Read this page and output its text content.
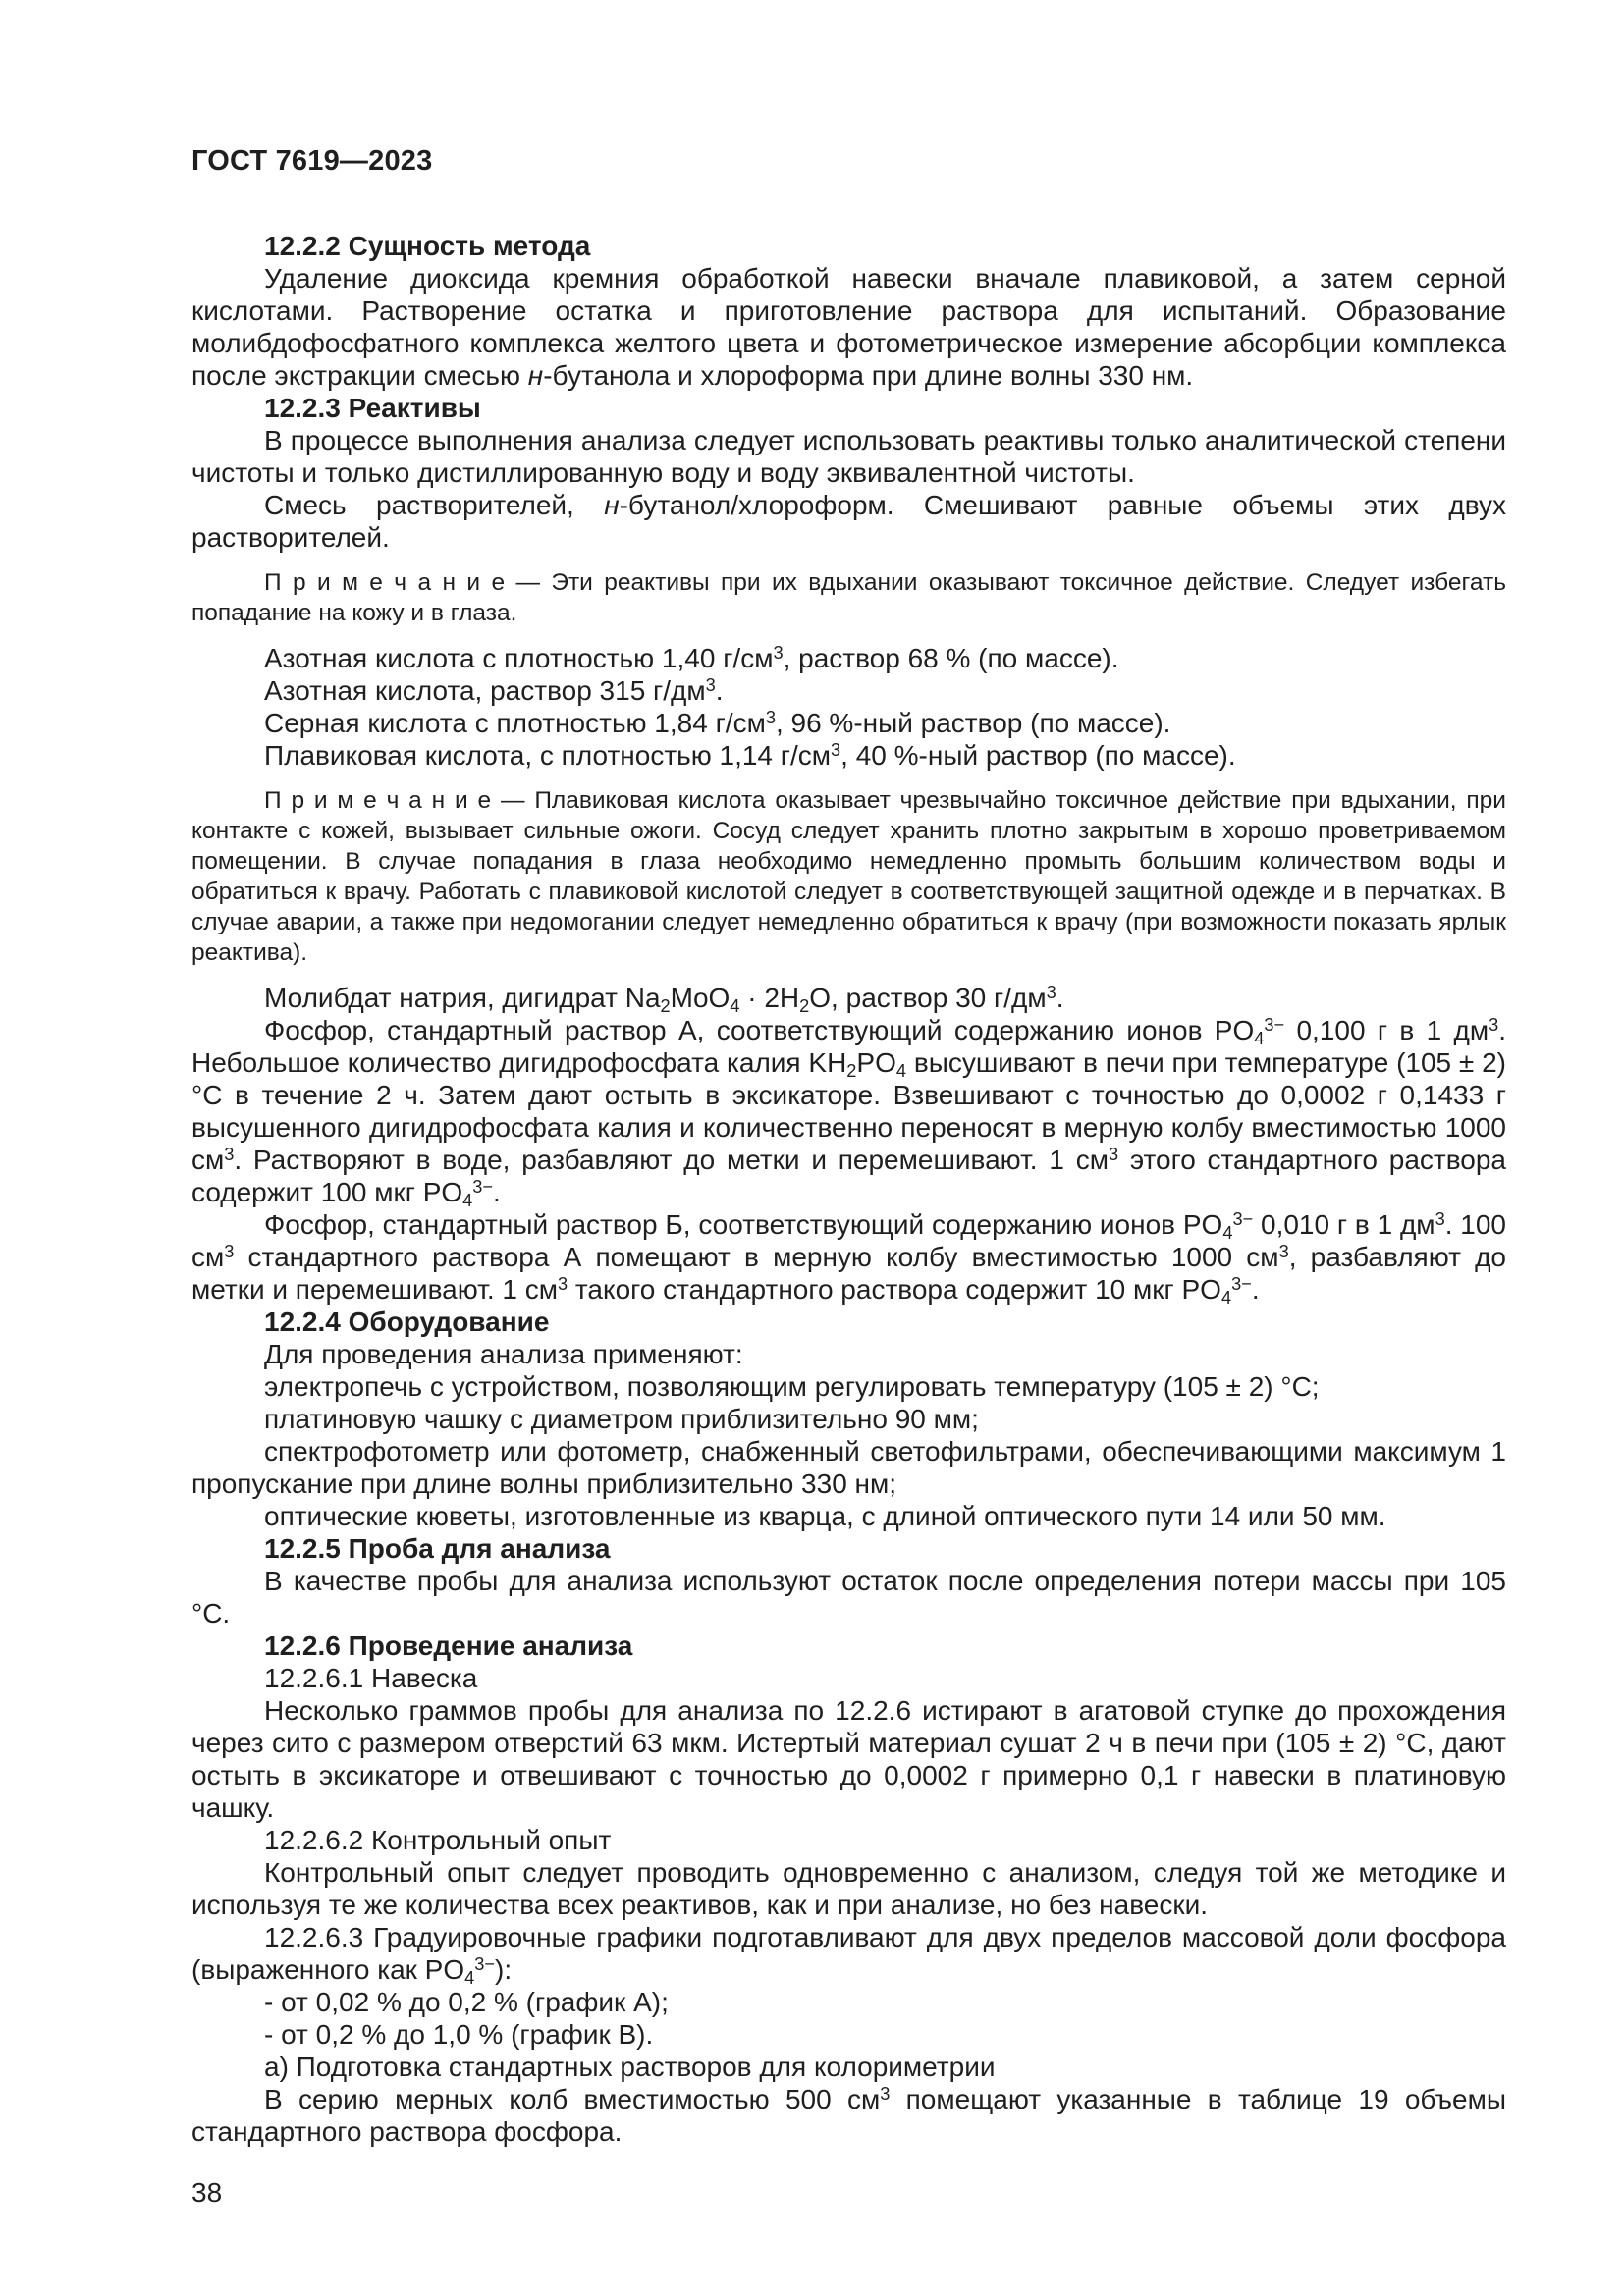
ГОСТ 7619—2023
12.2.2 Сущность метода
Удаление диоксида кремния обработкой навески вначале плавиковой, а затем серной кислотами. Растворение остатка и приготовление раствора для испытаний. Образование молибдофосфатного комплекса желтого цвета и фотометрическое измерение абсорбции комплекса после экстракции смесью н-бутанола и хлороформа при длине волны 330 нм.
12.2.3 Реактивы
В процессе выполнения анализа следует использовать реактивы только аналитической степени чистоты и только дистиллированную воду и воду эквивалентной чистоты.
Смесь растворителей, н-бутанол/хлороформ. Смешивают равные объемы этих двух растворителей.
П р и м е ч а н и е — Эти реактивы при их вдыхании оказывают токсичное действие. Следует избегать попадание на кожу и в глаза.
Азотная кислота с плотностью 1,40 $г/см^3$, раствор 68 % (по массе).
Азотная кислота, раствор 315 $г/дм^3$.
Серная кислота с плотностью 1,84 $г/см^3$, 96 %-ный раствор (по массе).
Плавиковая кислота, с плотностью 1,14 $г/см^3$, 40 %-ный раствор (по массе).
П р и м е ч а н и е — Плавиковая кислота оказывает чрезвычайно токсичное действие при вдыхании, при контакте с кожей, вызывает сильные ожоги. Сосуд следует хранить плотно закрытым в хорошо проветриваемом помещении. В случае попадания в глаза необходимо немедленно промыть большим количеством воды и обратиться к врачу. Работать с плавиковой кислотой следует в соответствующей защитной одежде и в перчатках. В случае аварии, а также при недомогании следует немедленно обратиться к врачу (при возможности показать ярлык реактива).
Молибдат натрия, дигидрат $Na_2MoO_4 \cdot 2H_2O$, раствор 30 $г/дм^3$.
Фосфор, стандартный раствор А, соответствующий содержанию ионов $PO_4^{3-}$ 0,100 г в 1 $дм^3$. Небольшое количество дигидрофосфата калия $KH_2PO_4$ высушивают в печи при температуре (105 ± 2) °С в течение 2 ч. Затем дают остыть в эксикаторе. Взвешивают с точностью до 0,0002 г 0,1433 г высушенного дигидрофосфата калия и количественно переносят в мерную колбу вместимостью 1000 $см^3$. Растворяют в воде, разбавляют до метки и перемешивают. 1 $см^3$ этого стандартного раствора содержит 100 мкг $PO_4^{3-}$.
Фосфор, стандартный раствор Б, соответствующий содержанию ионов $PO_4^{3-}$ 0,010 г в 1 $дм^3$. 100 $см^3$ стандартного раствора А помещают в мерную колбу вместимостью 1000 $см^3$, разбавляют до метки и перемешивают. 1 $см^3$ такого стандартного раствора содержит 10 мкг $PO_4^{3-}$.
12.2.4 Оборудование
Для проведения анализа применяют:
электропечь с устройством, позволяющим регулировать температуру (105 ± 2) °С;
платиновую чашку с диаметром приблизительно 90 мм;
спектрофотометр или фотометр, снабженный светофильтрами, обеспечивающими максимум 1 пропускание при длине волны приблизительно 330 нм;
оптические кюветы, изготовленные из кварца, с длиной оптического пути 14 или 50 мм.
12.2.5 Проба для анализа
В качестве пробы для анализа используют остаток после определения потери массы при 105 °С.
12.2.6 Проведение анализа
12.2.6.1 Навеска
Несколько граммов пробы для анализа по 12.2.6 истирают в агатовой ступке до прохождения через сито с размером отверстий 63 мкм. Истертый материал сушат 2 ч в печи при (105 ± 2) °С, дают остыть в эксикаторе и отвешивают с точностью до 0,0002 г примерно 0,1 г навески в платиновую чашку.
12.2.6.2 Контрольный опыт
Контрольный опыт следует проводить одновременно с анализом, следуя той же методике и используя те же количества всех реактивов, как и при анализе, но без навески.
12.2.6.3 Градуировочные графики подготавливают для двух пределов массовой доли фосфора (выраженного как $PO_4^{3-}$):
- от 0,02 % до 0,2 % (график А);
- от 0,2 % до 1,0 % (график В).
а) Подготовка стандартных растворов для колориметрии
В серию мерных колб вместимостью 500 $см^3$ помещают указанные в таблице 19 объемы стандартного раствора фосфора.
38
